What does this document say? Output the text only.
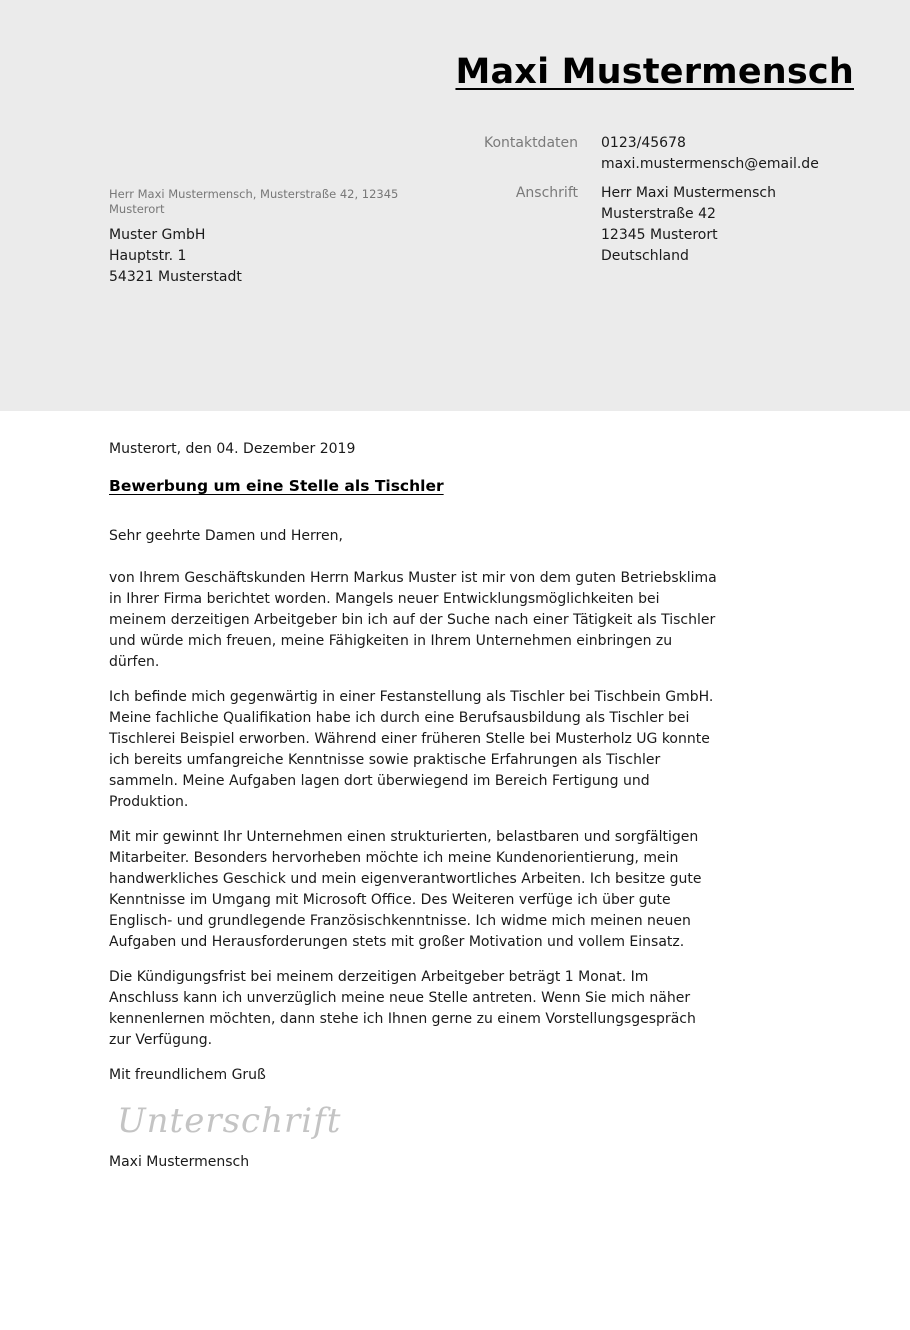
Maxi Mustermensch
Kontaktdaten	0123/45678
maxi.mustermensch@email.de
Anschrift	Herr Maxi Mustermensch
Musterstraße 42
12345 Musterort
Deutschland
Herr Maxi Mustermensch, Musterstraße 42, 12345 Musterort
Muster GmbH
Hauptstr. 1
54321 Musterstadt

Musterort, den 04. Dezember 2019

Bewerbung um eine Stelle als Tischler

Sehr geehrte Damen und Herren,

von Ihrem Geschäftskunden Herrn Markus Muster ist mir von dem guten Betriebsklima in Ihrer Firma berichtet worden. Mangels neuer Entwicklungsmöglichkeiten bei meinem derzeitigen Arbeitgeber bin ich auf der Suche nach einer Tätigkeit als Tischler und würde mich freuen, meine Fähigkeiten in Ihrem Unternehmen einbringen zu dürfen.

Ich befinde mich gegenwärtig in einer Festanstellung als Tischler bei Tischbein GmbH. Meine fachliche Qualifikation habe ich durch eine Berufsausbildung als Tischler bei Tischlerei Beispiel erworben. Während einer früheren Stelle bei Musterholz UG konnte ich bereits umfangreiche Kenntnisse sowie praktische Erfahrungen als Tischler sammeln. Meine Aufgaben lagen dort überwiegend im Bereich Fertigung und Produktion.

Mit mir gewinnt Ihr Unternehmen einen strukturierten, belastbaren und sorgfältigen Mitarbeiter. Besonders hervorheben möchte ich meine Kundenorientierung, mein handwerkliches Geschick und mein eigenverantwortliches Arbeiten. Ich besitze gute Kenntnisse im Umgang mit Microsoft Office. Des Weiteren verfüge ich über gute Englisch- und grundlegende Französischkenntnisse. Ich widme mich meinen neuen Aufgaben und Herausforderungen stets mit großer Motivation und vollem Einsatz.

Die Kündigungsfrist bei meinem derzeitigen Arbeitgeber beträgt 1 Monat. Im Anschluss kann ich unverzüglich meine neue Stelle antreten. Wenn Sie mich näher kennenlernen möchten, dann stehe ich Ihnen gerne zu einem Vorstellungsgespräch zur Verfügung.

Mit freundlichem Gruß

Unterschrift

Maxi Mustermensch
